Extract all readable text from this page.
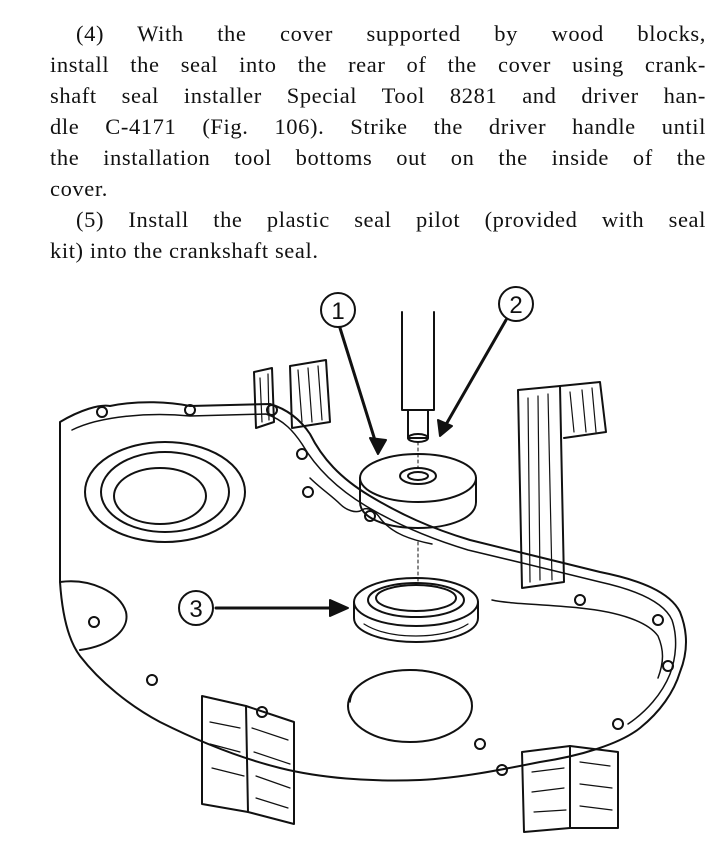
(4) With the cover supported by wood blocks,
install the seal into the rear of the cover using crank-
shaft seal installer Special Tool 8281 and driver han-
dle C-4171 (Fig. 106). Strike the driver handle until
the installation tool bottoms out on the inside of the
cover.

(5) Install the plastic seal pilot (provided with seal
kit) into the crankshaft seal.

1	2
3
